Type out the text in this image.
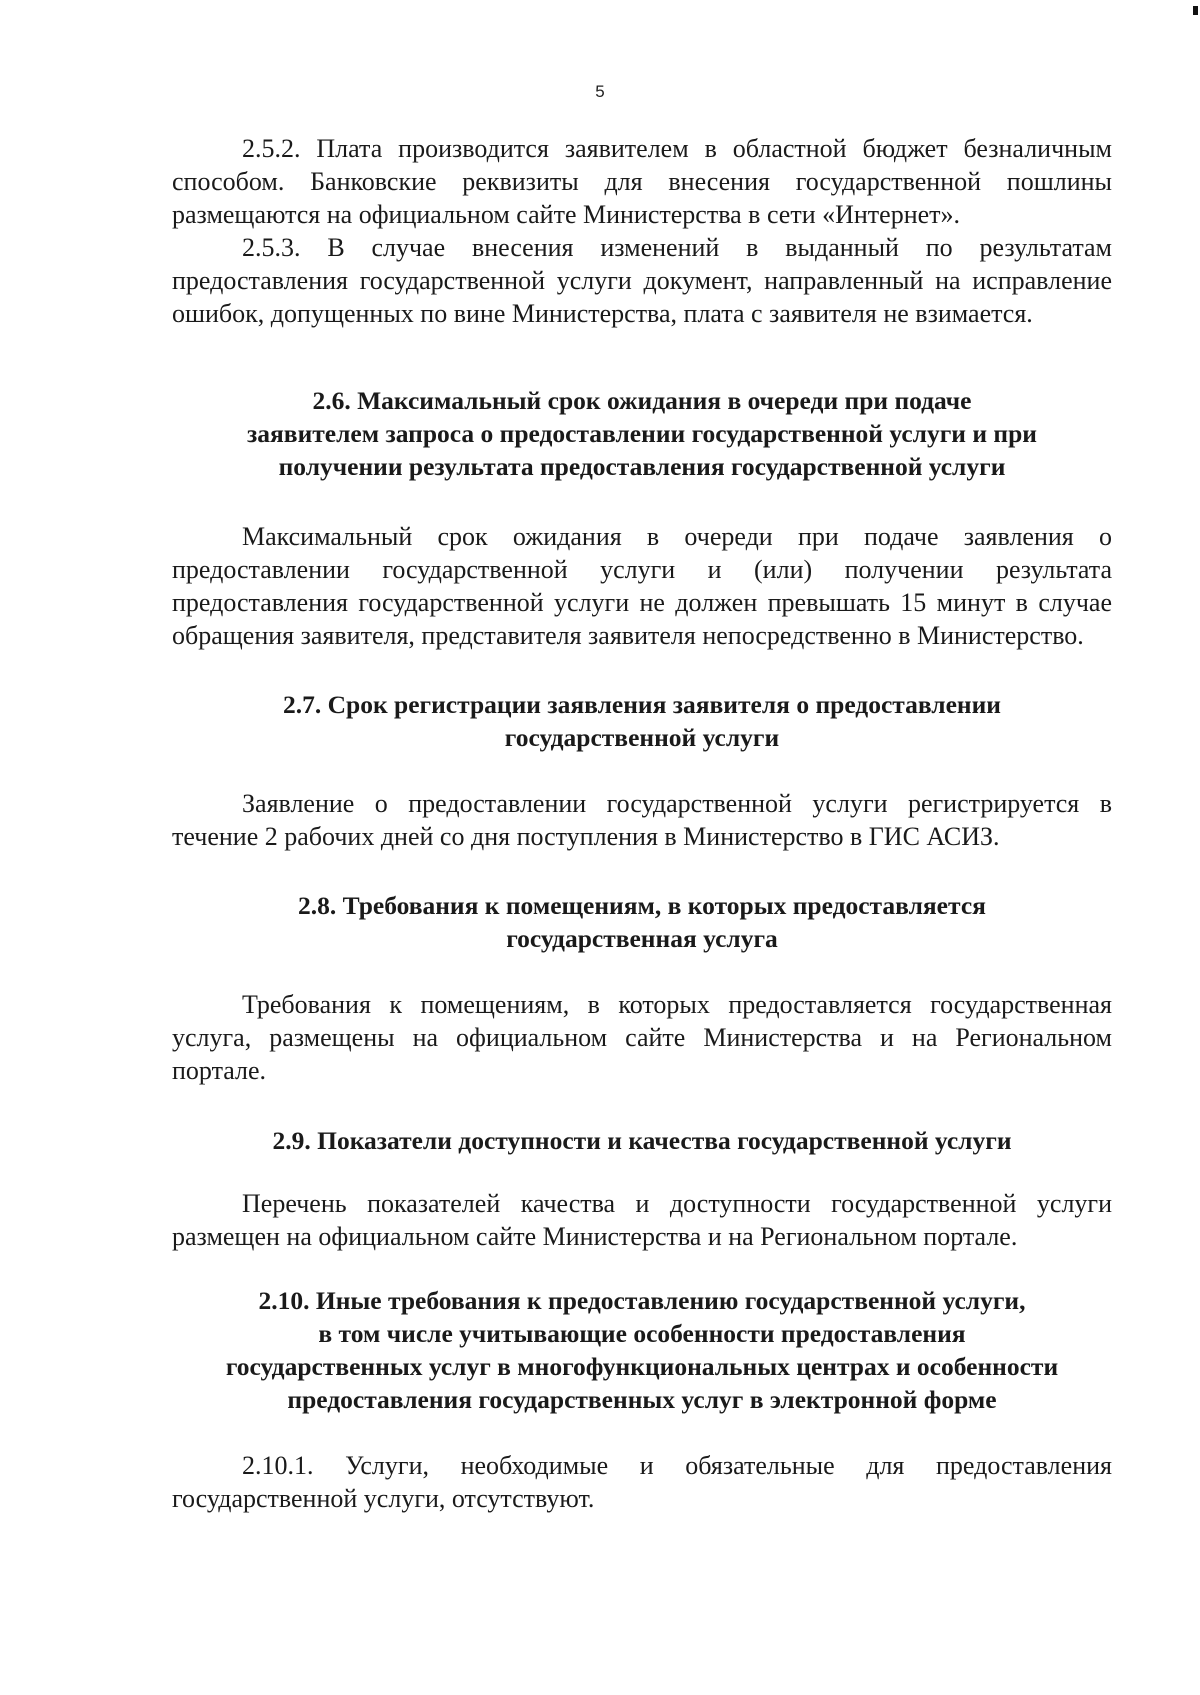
5

2.5.2. Плата производится заявителем в областной бюджет безналичным способом. Банковские реквизиты для внесения государственной пошлины размещаются на официальном сайте Министерства в сети «Интернет».

2.5.3. В случае внесения изменений в выданный по результатам предоставления государственной услуги документ, направленный на исправление ошибок, допущенных по вине Министерства, плата с заявителя не взимается.

2.6. Максимальный срок ожидания в очереди при подаче
заявителем запроса о предоставлении государственной услуги и при
получении результата предоставления государственной услуги

Максимальный срок ожидания в очереди при подаче заявления о предоставлении государственной услуги и (или) получении результата предоставления государственной услуги не должен превышать 15 минут в случае обращения заявителя, представителя заявителя непосредственно в Министерство.

2.7. Срок регистрации заявления заявителя о предоставлении
государственной услуги

Заявление о предоставлении государственной услуги регистрируется в течение 2 рабочих дней со дня поступления в Министерство в ГИС АСИЗ.

2.8. Требования к помещениям, в которых предоставляется
государственная услуга

Требования к помещениям, в которых предоставляется государственная услуга, размещены на официальном сайте Министерства и на Региональном портале.

2.9. Показатели доступности и качества государственной услуги

Перечень показателей качества и доступности государственной услуги размещен на официальном сайте Министерства и на Региональном портале.

2.10. Иные требования к предоставлению государственной услуги,
в том числе учитывающие особенности предоставления
государственных услуг в многофункциональных центрах и особенности
предоставления государственных услуг в электронной форме

2.10.1. Услуги, необходимые и обязательные для предоставления государственной услуги, отсутствуют.
